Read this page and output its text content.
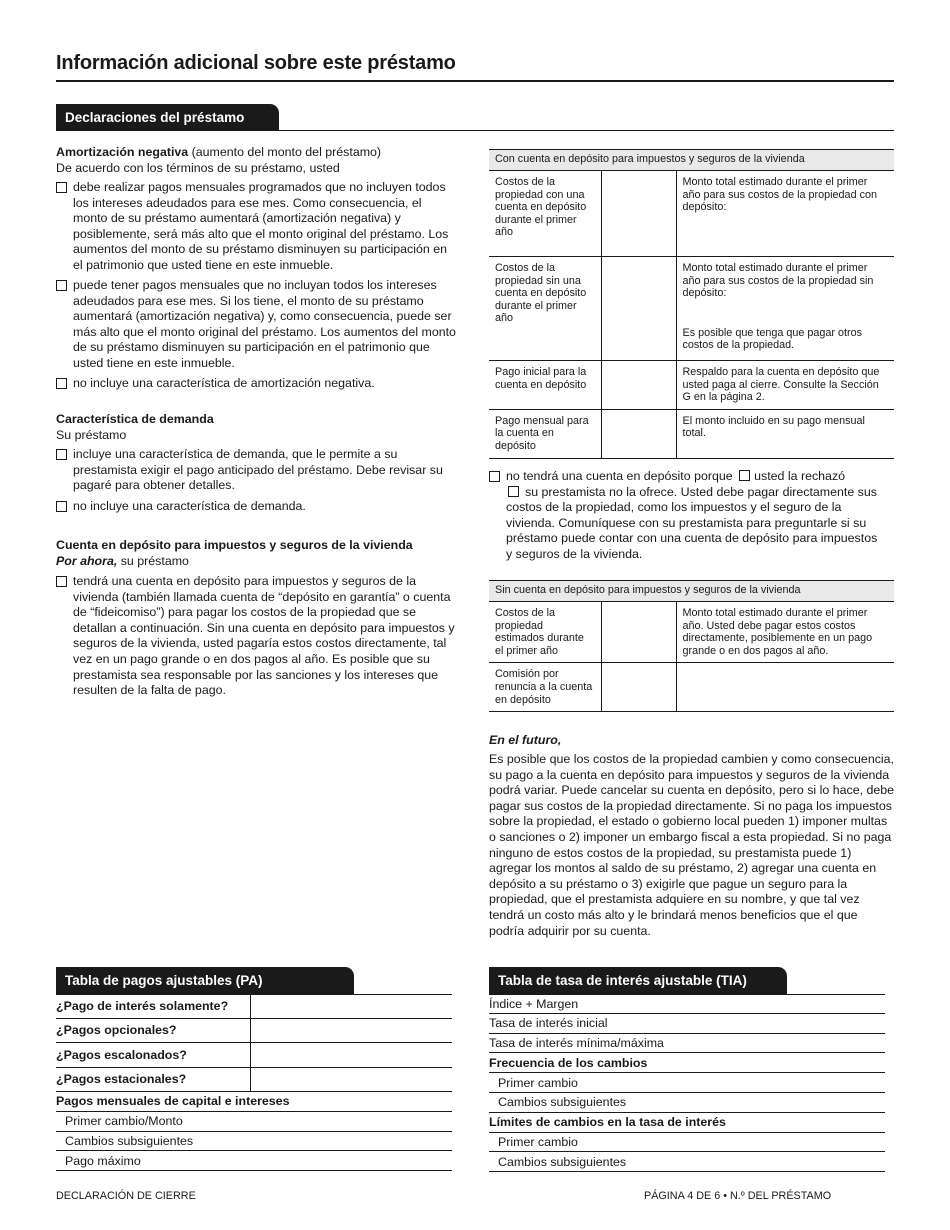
Información adicional sobre este préstamo
Declaraciones del préstamo
Amortización negativa (aumento del monto del préstamo)
De acuerdo con los términos de su préstamo, usted
debe realizar pagos mensuales programados que no incluyen todos los intereses adeudados para ese mes. Como consecuencia, el monto de su préstamo aumentará (amortización negativa) y posiblemente, será más alto que el monto original del préstamo. Los aumentos del monto de su préstamo disminuyen su participación en el patrimonio que usted tiene en este inmueble.
puede tener pagos mensuales que no incluyan todos los intereses adeudados para ese mes. Si los tiene, el monto de su préstamo aumentará (amortización negativa) y, como consecuencia, puede ser más alto que el monto original del préstamo. Los aumentos del monto de su préstamo disminuyen su participación en el patrimonio que usted tiene en este inmueble.
no incluye una característica de amortización negativa.
Característica de demanda
Su préstamo
incluye una característica de demanda, que le permite a su prestamista exigir el pago anticipado del préstamo. Debe revisar su pagaré para obtener detalles.
no incluye una característica de demanda.
Cuenta en depósito para impuestos y seguros de la vivienda
Por ahora, su préstamo
tendrá una cuenta en depósito para impuestos y seguros de la vivienda (también llamada cuenta de “depósito en garantía” o cuenta de “fideicomiso”) para pagar los costos de la propiedad que se detallan a continuación. Sin una cuenta en depósito para impuestos y seguros de la vivienda, usted pagaría estos costos directamente, tal vez en un pago grande o en dos pagos al año. Es posible que su prestamista sea responsable por las sanciones y los intereses que resulten de la falta de pago.
Con cuenta en depósito para impuestos y seguros de la vivienda		
Costos de la propiedad con una cuenta en depósito durante el primer año		Monto total estimado durante el primer año para sus costos de la propiedad con depósito:

Costos de la propiedad sin una cuenta en depósito durante el primer año		Monto total estimado durante el primer año para sus costos de la propiedad sin depósito:
Es posible que tenga que pagar otros costos de la propiedad.

Pago inicial para la cuenta en depósito		Respaldo para la cuenta en depósito que usted paga al cierre. Consulte la Sección G en la página 2.
Pago mensual para la cuenta en depósito		El monto incluido en su pago mensual total.
no tendrá una cuenta en depósito porque usted la rechazó
su prestamista no la ofrece. Usted debe pagar directamente sus costos de la propiedad, como los impuestos y el seguro de la vivienda. Comuníquese con su prestamista para preguntarle si su préstamo puede contar con una cuenta de depósito para impuestos y seguros de la vivienda.
Sin cuenta en depósito para impuestos y seguros de la vivienda		
Costos de la propiedad estimados durante el primer año		Monto total estimado durante el primer año. Usted debe pagar estos costos directamente, posiblemente en un pago grande o en dos pagos al año.
Comisión por renuncia a la cuenta en depósito		
En el futuro,
Es posible que los costos de la propiedad cambien y como consecuencia, su pago a la cuenta en depósito para impuestos y seguros de la vivienda podrá variar. Puede cancelar su cuenta en depósito, pero si lo hace, debe pagar sus costos de la propiedad directamente. Si no paga los impuestos sobre la propiedad, el estado o gobierno local pueden 1) imponer multas o sanciones o 2) imponer un embargo fiscal a esta propiedad. Si no paga ninguno de estos costos de la propiedad, su prestamista puede 1) agregar los montos al saldo de su préstamo, 2) agregar una cuenta en depósito a su préstamo o 3) exigirle que pague un seguro para la propiedad, que el prestamista adquiere en su nombre, y que tal vez tendrá un costo más alto y le brindará menos beneficios que el que podría adquirir por su cuenta.
Tabla de pagos ajustables (PA)
¿Pago de interés solamente?
¿Pagos opcionales?
¿Pagos escalonados?
¿Pagos estacionales?
Pagos mensuales de capital e intereses
Primer cambio/Monto
Cambios subsiguientes
Pago máximo
Tabla de tasa de interés ajustable (TIA)
Índice + Margen
Tasa de interés inicial
Tasa de interés mínima/máxima
Frecuencia de los cambios
Primer cambio
Cambios subsiguientes
Límites de cambios en la tasa de interés
Primer cambio
Cambios subsiguientes
DECLARACIÓN DE CIERRE	PÁGINA 4 DE 6 • N.º DEL PRÉSTAMO
